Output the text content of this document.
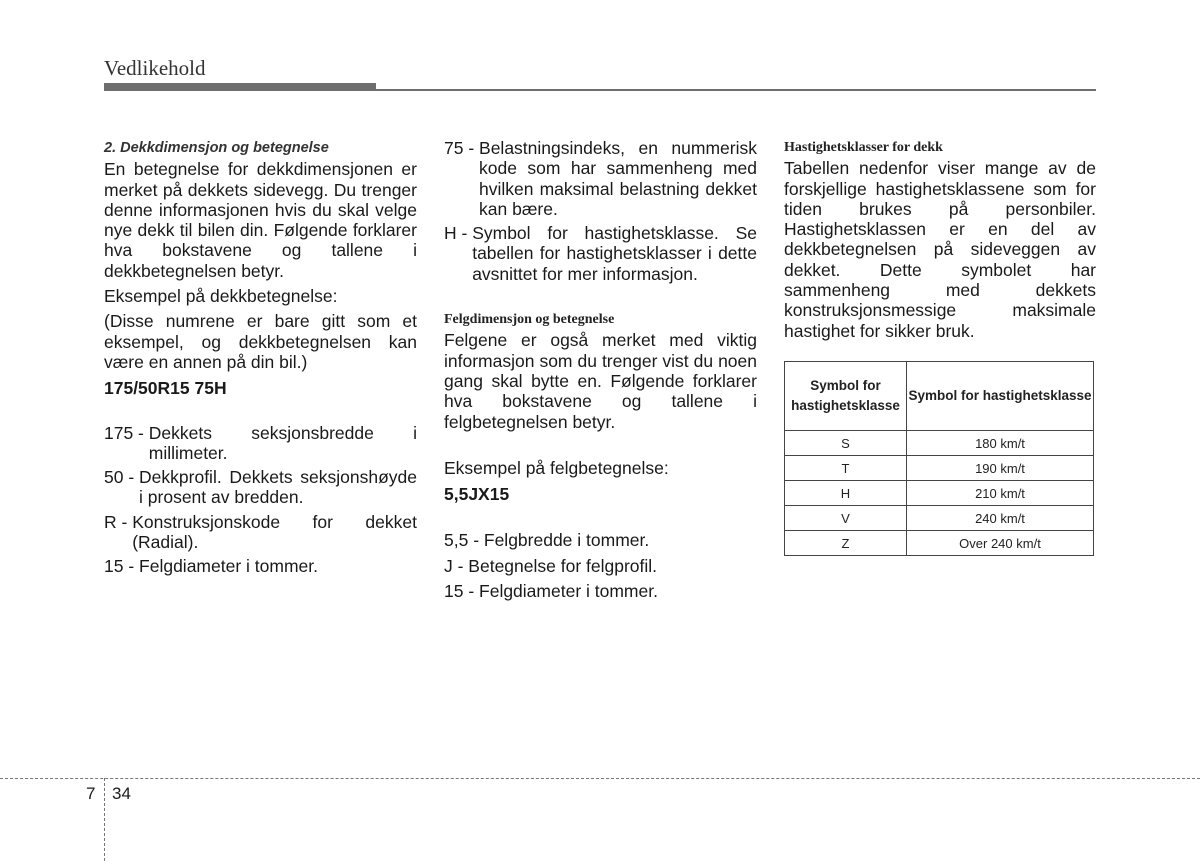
Vedlikehold

2. Dekkdimensjon og betegnelse

En betegnelse for dekkdimensjonen er merket på dekkets sidevegg. Du trenger denne informasjonen hvis du skal velge nye dekk til bilen din. Følgende forklarer hva bokstavene og tallene i dekkbetegnelsen betyr.

Eksempel på dekkbetegnelse:

(Disse numrene er bare gitt som et eksempel, og dekkbetegnelsen kan være en annen på din bil.)

175/50R15 75H

175 - Dekkets seksjonsbredde i millimeter.
50 - Dekkprofil. Dekkets seksjonshøyde i prosent av bredden.
R - Konstruksjonskode for dekket (Radial).
15 - Felgdiameter i tommer.
75 - Belastningsindeks, en nummerisk kode som har sammenheng med hvilken maksimal belastning dekket kan bære.
H - Symbol for hastighetsklasse. Se tabellen for hastighetsklasser i dette avsnittet for mer informasjon.

Felgdimensjon og betegnelse

Felgene er også merket med viktig informasjon som du trenger vist du noen gang skal bytte en. Følgende forklarer hva bokstavene og tallene i felgbetegnelsen betyr.

Eksempel på felgbetegnelse:

5,5JX15

5,5 - Felgbredde i tommer.

J - Betegnelse for felgprofil.

15 - Felgdiameter i tommer.

Hastighetsklasser for dekk

Tabellen nedenfor viser mange av de forskjellige hastighetsklassene som for tiden brukes på personbiler. Hastighetsklassen er en del av dekkbetegnelsen på sideveggen av dekket. Dette symbolet har sammenheng med dekkets konstruksjonsmessige maksimale hastighet for sikker bruk.

Symbol for hastighetsklasse	Symbol for hastighetsklasse
S	180 km/t
T	190 km/t
H	210 km/t
V	240 km/t
Z	Over 240 km/t
7 34
